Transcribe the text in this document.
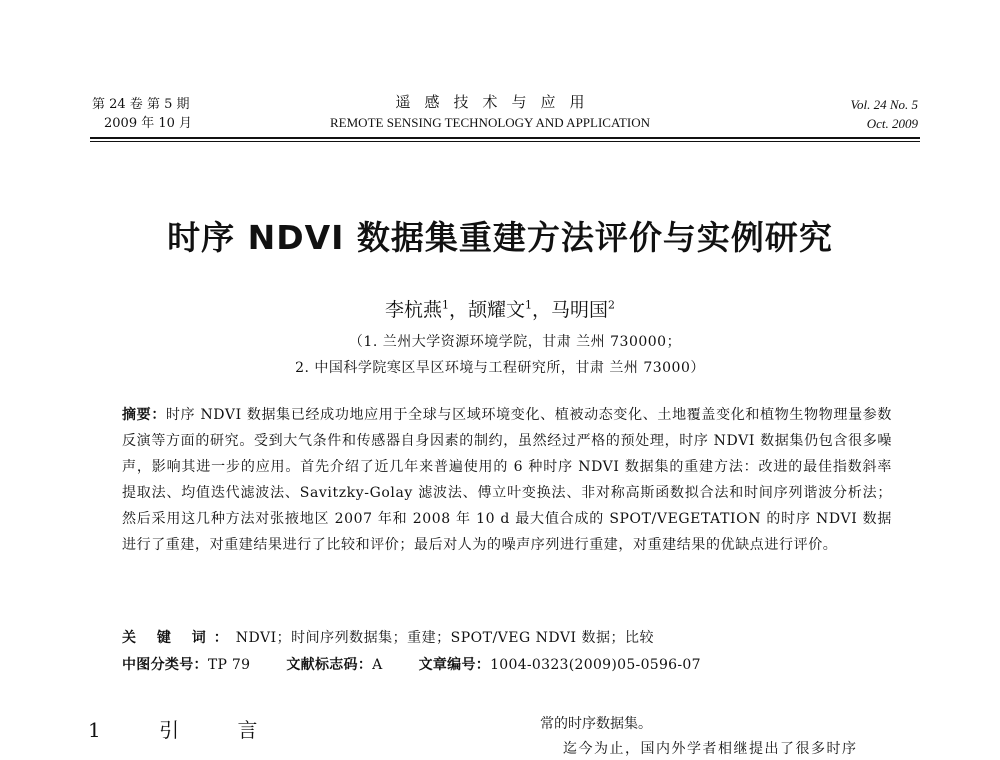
第 24 卷 第 5 期
2009 年 10 月
遥感技术与应用
REMOTE SENSING TECHNOLOGY AND APPLICATION
Vol. 24 No. 5
Oct. 2009
时序 NDVI 数据集重建方法评价与实例研究
李杭燕$^1$，颉耀文$^1$，马明国$^2$
（1. 兰州大学资源环境学院，甘肃 兰州 730000；
2. 中国科学院寒区旱区环境与工程研究所，甘肃 兰州 73000）
摘要：时序 NDVI 数据集已经成功地应用于全球与区域环境变化、植被动态变化、土地覆盖变化和植物生物物理量参数反演等方面的研究。受到大气条件和传感器自身因素的制约，虽然经过严格的预处理，时序 NDVI 数据集仍包含很多噪声，影响其进一步的应用。首先介绍了近几年来普遍使用的 6 种时序 NDVI 数据集的重建方法：改进的最佳指数斜率提取法、均值迭代滤波法、Savitzky-Golay 滤波法、傅立叶变换法、非对称高斯函数拟合法和时间序列谐波分析法；然后采用这几种方法对张掖地区 2007 年和 2008 年 10 d 最大值合成的 SPOT/VEGETATION 的时序 NDVI 数据进行了重建，对重建结果进行了比较和评价；最后对人为的噪声序列进行重建，对重建结果的优缺点进行评价。
关 键 词：NDVI；时间序列数据集；重建；SPOT/VEG NDVI 数据；比较
中图分类号：TP 79	文献标志码：A	文章编号：1004-0323(2009)05-0596-07
1 引 言	常的时序数据集。
迄今为止，国内外学者相继提出了很多时序
